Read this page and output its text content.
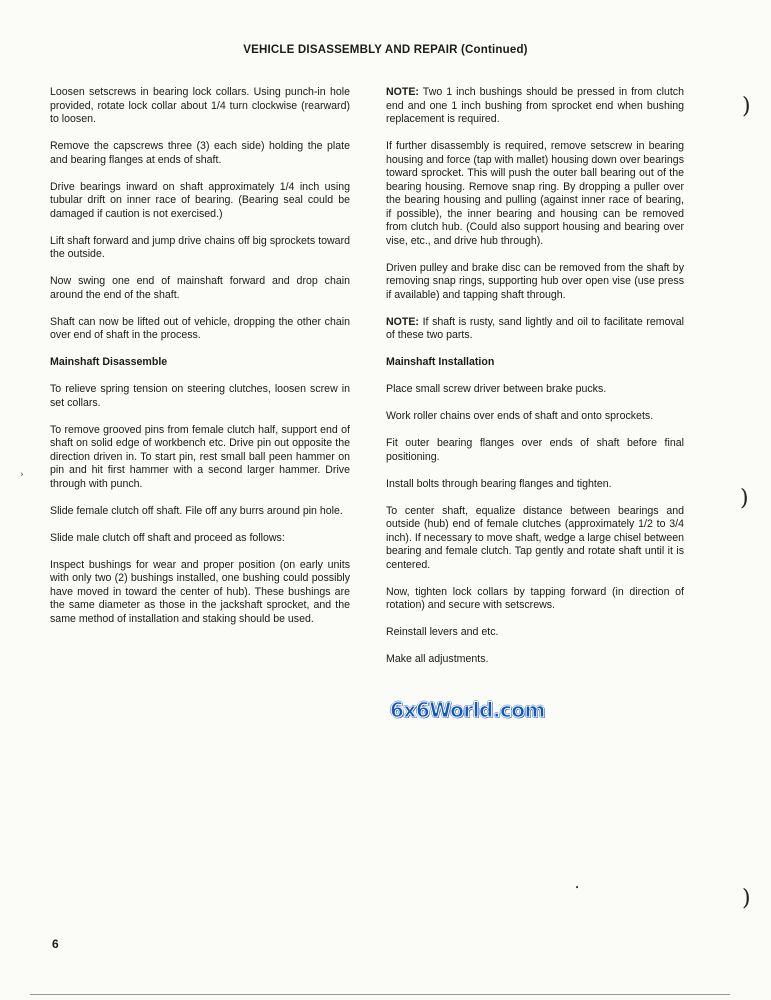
VEHICLE DISASSEMBLY AND REPAIR (Continued)

Loosen setscrews in bearing lock collars. Using punch-in hole provided, rotate lock collar about 1/4 turn clockwise (rearward) to loosen.

Remove the capscrews three (3) each side) holding the plate and bearing flanges at ends of shaft.

Drive bearings inward on shaft approximately 1/4 inch using tubular drift on inner race of bearing. (Bearing seal could be damaged if caution is not exercised.)

Lift shaft forward and jump drive chains off big sprockets toward the outside.

Now swing one end of mainshaft forward and drop chain around the end of the shaft.

Shaft can now be lifted out of vehicle, dropping the other chain over end of shaft in the process.

Mainshaft Disassemble

To relieve spring tension on steering clutches, loosen screw in set collars.

To remove grooved pins from female clutch half, support end of shaft on solid edge of workbench etc. Drive pin out opposite the direction driven in. To start pin, rest small ball peen hammer on pin and hit first hammer with a second larger hammer. Drive through with punch.

Slide female clutch off shaft. File off any burrs around pin hole.

Slide male clutch off shaft and proceed as follows:

Inspect bushings for wear and proper position (on early units with only two (2) bushings installed, one bushing could possibly have moved in toward the center of hub). These bushings are the same diameter as those in the jackshaft sprocket, and the same method of installation and staking should be used.

NOTE: Two 1 inch bushings should be pressed in from clutch end and one 1 inch bushing from sprocket end when bushing replacement is required.

If further disassembly is required, remove setscrew in bearing housing and force (tap with mallet) housing down over bearings toward sprocket. This will push the outer ball bearing out of the bearing housing. Remove snap ring. By dropping a puller over the bearing housing and pulling (against inner race of bearing, if possible), the inner bearing and housing can be removed from clutch hub. (Could also support housing and bearing over vise, etc., and drive hub through).

Driven pulley and brake disc can be removed from the shaft by removing snap rings, supporting hub over open vise (use press if available) and tapping shaft through.

NOTE: If shaft is rusty, sand lightly and oil to facilitate removal of these two parts.

Mainshaft Installation

Place small screw driver between brake pucks.

Work roller chains over ends of shaft and onto sprockets.

Fit outer bearing flanges over ends of shaft before final positioning.

Install bolts through bearing flanges and tighten.

To center shaft, equalize distance between bearings and outside (hub) end of female clutches (approximately 1/2 to 3/4 inch). If necessary to move shaft, wedge a large chisel between bearing and female clutch. Tap gently and rotate shaft until it is centered.

Now, tighten lock collars by tapping forward (in direction of rotation) and secure with setscrews.

Reinstall levers and etc.

Make all adjustments.

6x6World.com
6
)
)
)
›
•
